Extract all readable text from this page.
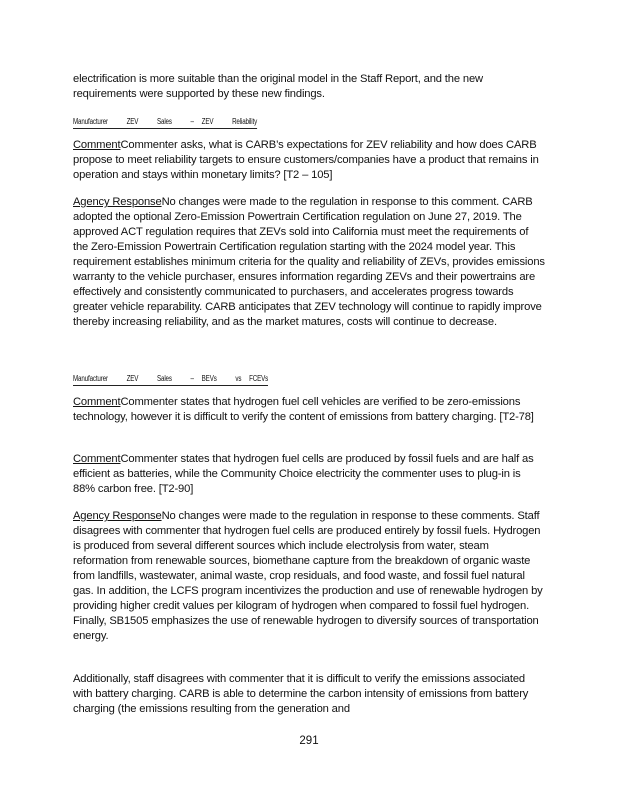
electrification is more suitable than the original model in the Staff Report, and the new requirements were supported by these new findings.

Manufacturer ZEV Sales – ZEV Reliability

CommentCommenter asks, what is CARB’s expectations for ZEV reliability and how does CARB propose to meet reliability targets to ensure customers/companies have a product that remains in operation and stays within monetary limits? [T2 – 105]

Agency ResponseNo changes were made to the regulation in response to this comment. CARB adopted the optional Zero-Emission Powertrain Certification regulation on June 27, 2019. The approved ACT regulation requires that ZEVs sold into California must meet the requirements of the Zero-Emission Powertrain Certification regulation starting with the 2024 model year. This requirement establishes minimum criteria for the quality and reliability of ZEVs, provides emissions warranty to the vehicle purchaser, ensures information regarding ZEVs and their powertrains are effectively and consistently communicated to purchasers, and accelerates progress towards greater vehicle reparability. CARB anticipates that ZEV technology will continue to rapidly improve thereby increasing reliability, and as the market matures, costs will continue to decrease.

Manufacturer ZEV Sales – BEVs vs FCEVs

CommentCommenter states that hydrogen fuel cell vehicles are verified to be zero-emissions technology, however it is difficult to verify the content of emissions from battery charging. [T2-78]

CommentCommenter states that hydrogen fuel cells are produced by fossil fuels and are half as efficient as batteries, while the Community Choice electricity the commenter uses to plug-in is 88% carbon free. [T2-90]

Agency ResponseNo changes were made to the regulation in response to these comments. Staff disagrees with commenter that hydrogen fuel cells are produced entirely by fossil fuels. Hydrogen is produced from several different sources which include electrolysis from water, steam reformation from renewable sources, biomethane capture from the breakdown of organic waste from landfills, wastewater, animal waste, crop residuals, and food waste, and fossil fuel natural gas. In addition, the LCFS program incentivizes the production and use of renewable hydrogen by providing higher credit values per kilogram of hydrogen when compared to fossil fuel hydrogen. Finally, SB1505 emphasizes the use of renewable hydrogen to diversify sources of transportation energy.

Additionally, staff disagrees with commenter that it is difficult to verify the emissions associated with battery charging. CARB is able to determine the carbon intensity of emissions from battery charging (the emissions resulting from the generation and

291
